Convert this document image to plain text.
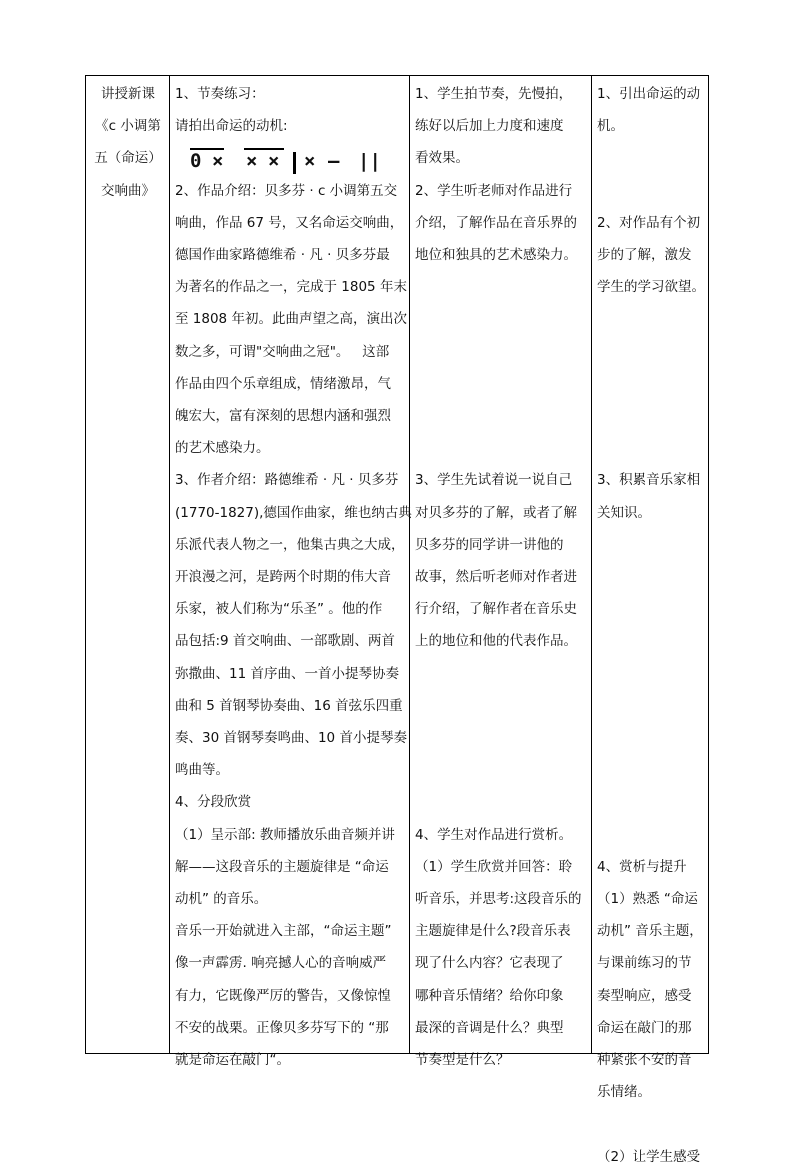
讲授新课
《c 小调第
五（命运）
交响曲》

0 × × × × — ||
1、节奏练习：
请拍出命运的动机:
2、作品介绍：贝多芬 · c 小调第五交
响曲，作品 67 号，又名命运交响曲，
德国作曲家路德维希 · 凡 · 贝多芬最
为著名的作品之一，完成于 1805 年末
至 1808 年初。此曲声望之高，演出次
数之多，可谓"交响曲之冠"。   这部
作品由四个乐章组成，情绪激昂，气
魄宏大，富有深刻的思想内涵和强烈
的艺术感染力。
3、作者介绍：路德维希 · 凡 · 贝多芬
(1770-1827),德国作曲家，维也纳古典
乐派代表人物之一，他集古典之大成，
开浪漫之河，是跨两个时期的伟大音
乐家，被人们称为“乐圣” 。他的作
品包括:9 首交响曲、一部歌剧、两首
弥撒曲、11 首序曲、一首小提琴协奏
曲和 5 首钢琴协奏曲、16 首弦乐四重
奏、30 首钢琴奏鸣曲、10 首小提琴奏
鸣曲等。
4、分段欣赏
（1）呈示部: 教师播放乐曲音频并讲
解——这段音乐的主题旋律是 “命运
动机” 的音乐。
音乐一开始就进入主部，“命运主题”
像一声霹雳. 响亮撼人心的音响威严
有力，它既像严厉的警告，又像惊惶
不安的战栗。正像贝多芬写下的 “那
就是命运在敲门“。

1、学生拍节奏，先慢拍，
练好以后加上力度和速度
看效果。
2、学生听老师对作品进行
介绍，了解作品在音乐界的
地位和独具的艺术感染力。
3、学生先试着说一说自己
对贝多芬的了解，或者了解
贝多芬的同学讲一讲他的
故事，然后听老师对作者进
行介绍，了解作者在音乐史
上的地位和他的代表作品。
4、学生对作品进行赏析。
（1）学生欣赏并回答：聆
听音乐，并思考:这段音乐的
主题旋律是什么?段音乐表
现了什么内容？它表现了
哪种音乐情绪？给你印象
最深的音调是什么？典型
节奏型是什么？

1、引出命运的动
机。
2、对作品有个初
步的了解，激发
学生的学习欲望。
3、积累音乐家相
关知识。
4、赏析与提升
（1）熟悉 “命运
动机” 音乐主题，
与课前练习的节
奏型响应，感受
命运在敲门的那
种紧张不安的音
乐情绪。
（2）让学生感受
